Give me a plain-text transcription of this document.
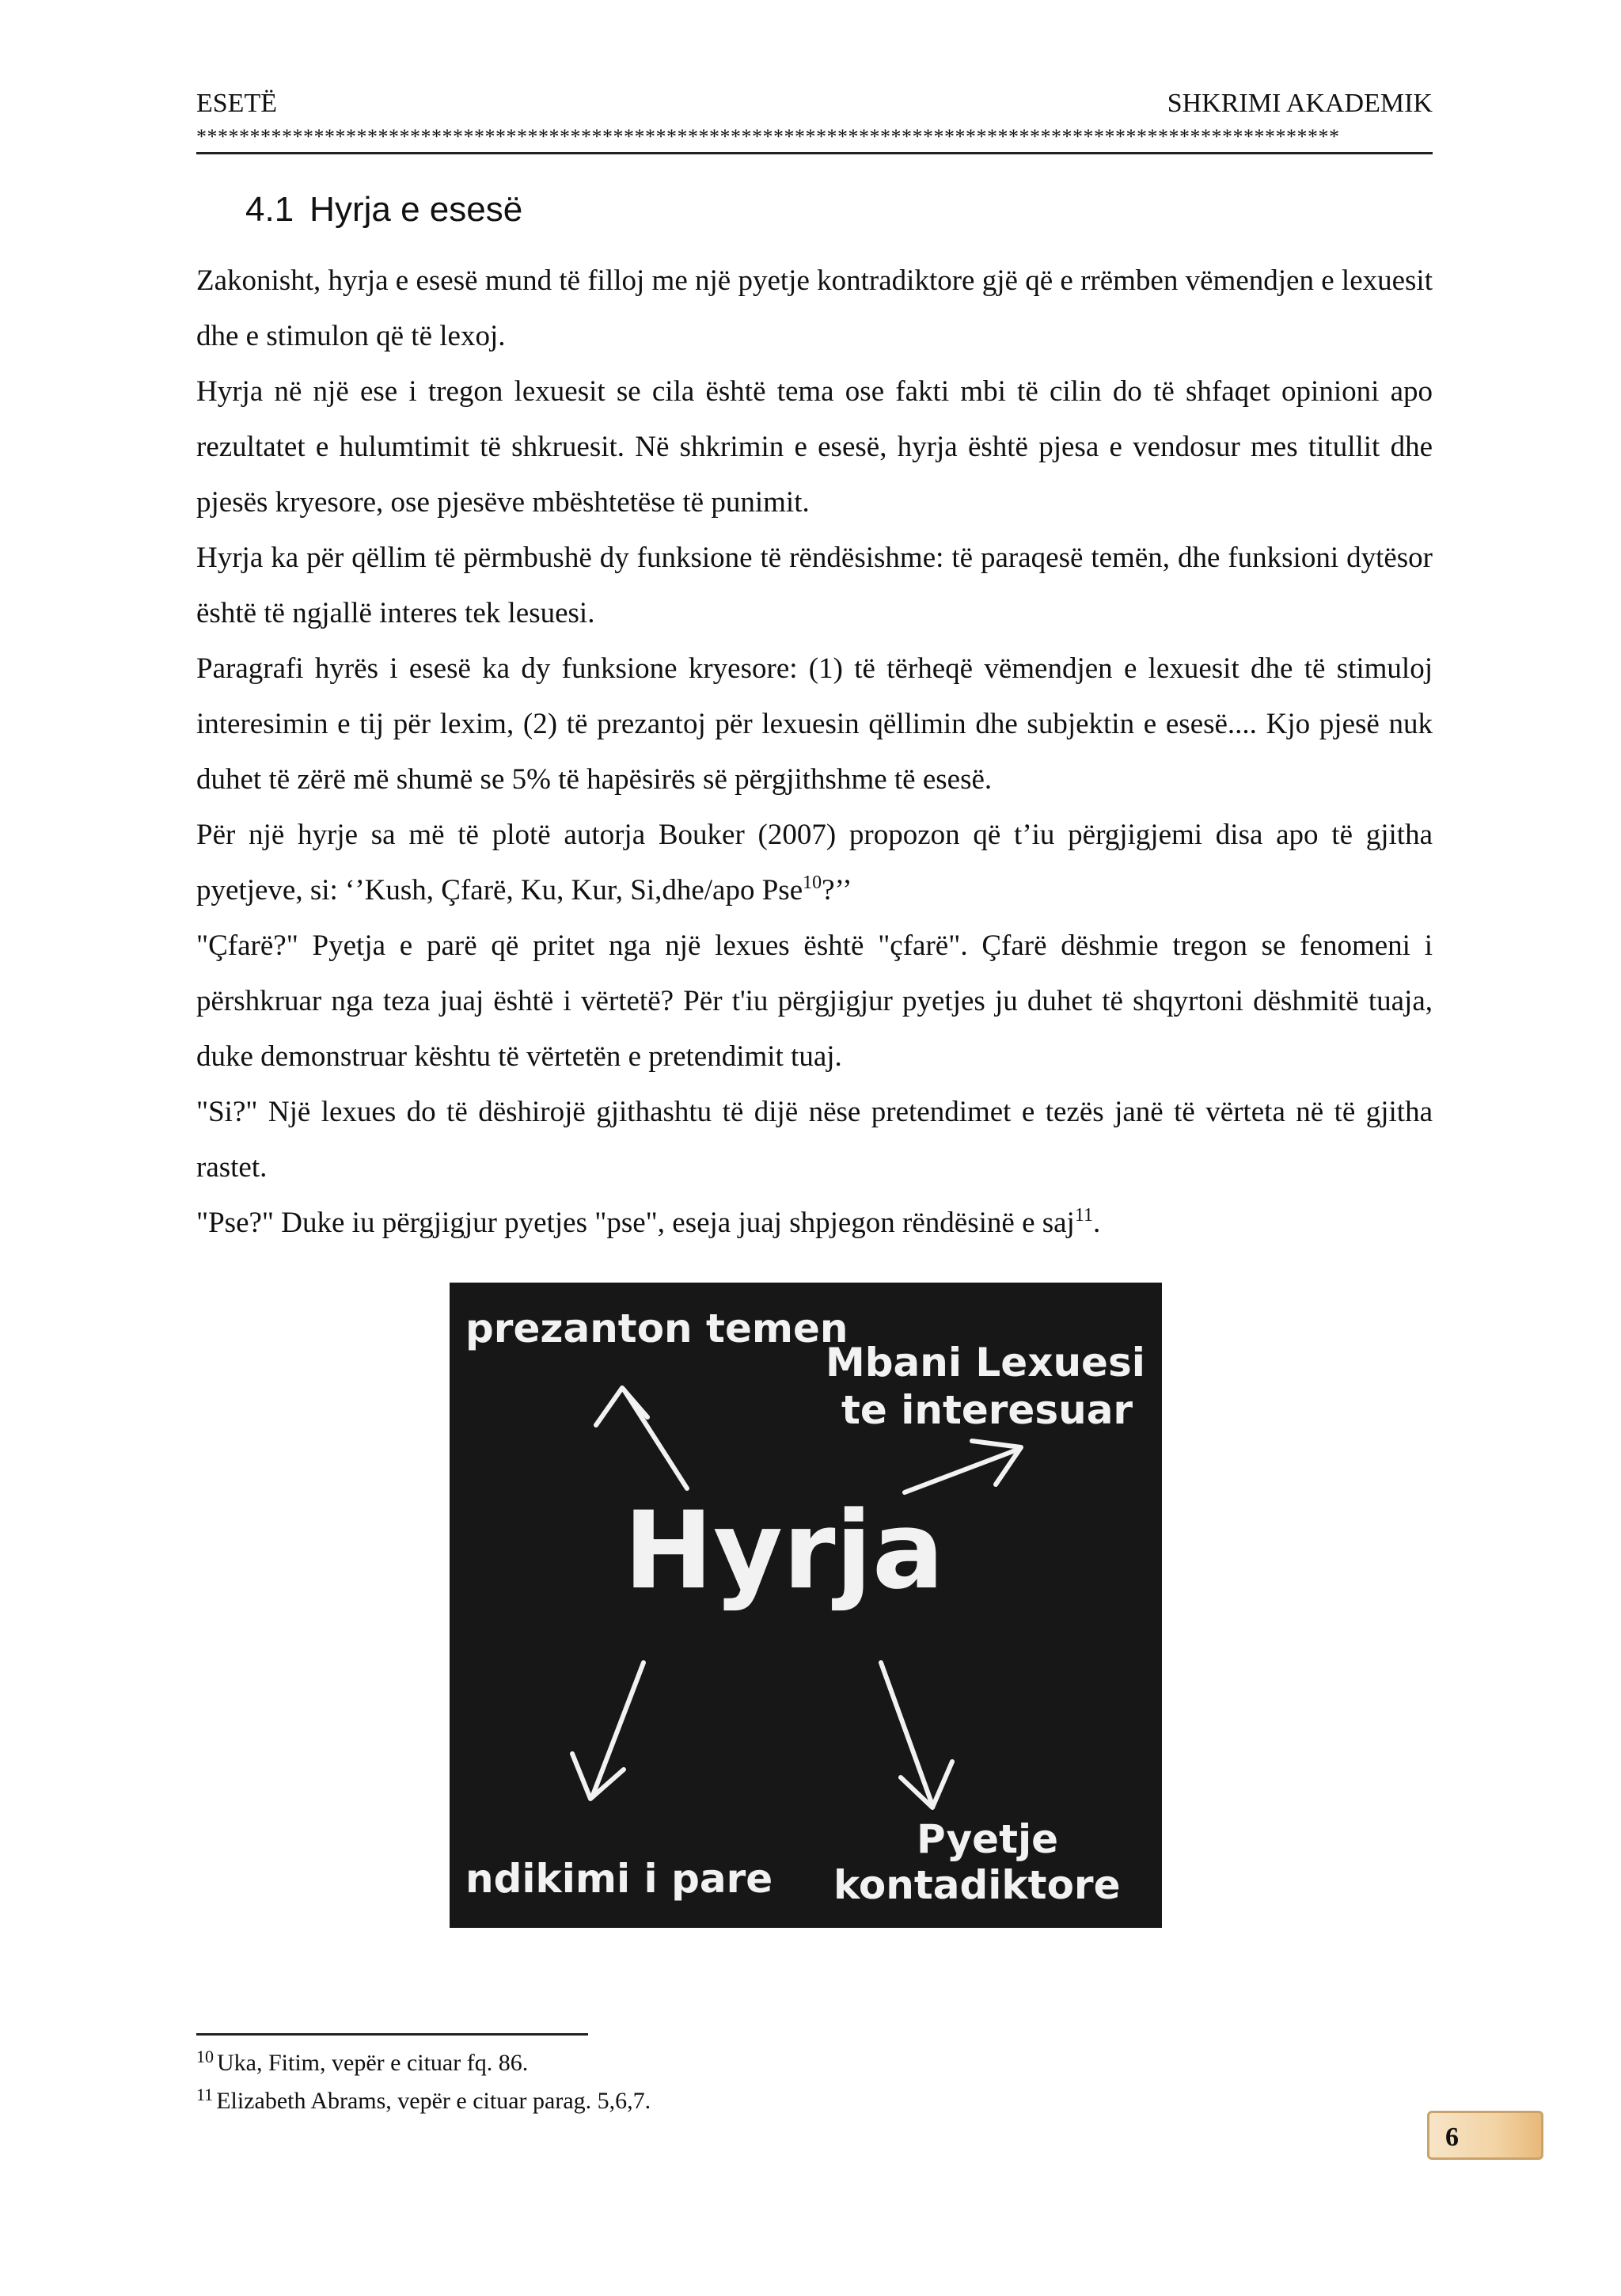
ESETË	SHKRIMI AKADEMIK
***********************************************************************************************************
4.1 Hyrja e esesë

Zakonisht, hyrja e esesë mund të filloj me një pyetje kontradiktore gjë që e rrëmben vëmendjen e lexuesit dhe e stimulon që të lexoj.

Hyrja në një ese i tregon lexuesit se cila është tema ose fakti mbi të cilin do të shfaqet opinioni apo rezultatet e hulumtimit të shkruesit. Në shkrimin e esesë, hyrja është pjesa e vendosur mes titullit dhe pjesës kryesore, ose pjesëve mbështetëse të punimit.

Hyrja ka për qëllim të përmbushë dy funksione të rëndësishme: të paraqesë temën, dhe funksioni dytësor është të ngjallë interes tek lesuesi.

Paragrafi hyrës i esesë ka dy funksione kryesore: (1) të tërheqë vëmendjen e lexuesit dhe të stimuloj interesimin e tij për lexim, (2) të prezantoj për lexuesin qëllimin dhe subjektin e esesë.... Kjo pjesë nuk duhet të zërë më shumë se 5% të hapësirës së përgjithshme të esesë.

Për një hyrje sa më të plotë autorja Bouker (2007) propozon që t’iu përgjigjemi disa apo të gjitha pyetjeve, si: ‘’Kush, Çfarë, Ku, Kur, Si,dhe/apo Pse$^{10}$?’’

"Çfarë?" Pyetja e parë që pritet nga një lexues është "çfarë". Çfarë dëshmie tregon se fenomeni i përshkruar nga teza juaj është i vërtetë? Për t'iu përgjigjur pyetjes ju duhet të shqyrtoni dëshmitë tuaja, duke demonstruar kështu të vërtetën e pretendimit tuaj.

"Si?" Një lexues do të dëshirojë gjithashtu të dijë nëse pretendimet e tezës janë të vërteta në të gjitha rastet.

"Pse?" Duke iu përgjigjur pyetjes "pse", eseja juaj shpjegon rëndësinë e saj$^{11}$.

prezanton temen
Mbani Lexuesi
te interesuar
Hyrja
ndikimi i pare
Pyetje
kontadiktore
$^{10}$ Uka, Fitim, vepër e cituar fq. 86.
$^{11}$ Elizabeth Abrams, vepër e cituar parag. 5,6,7.
6
